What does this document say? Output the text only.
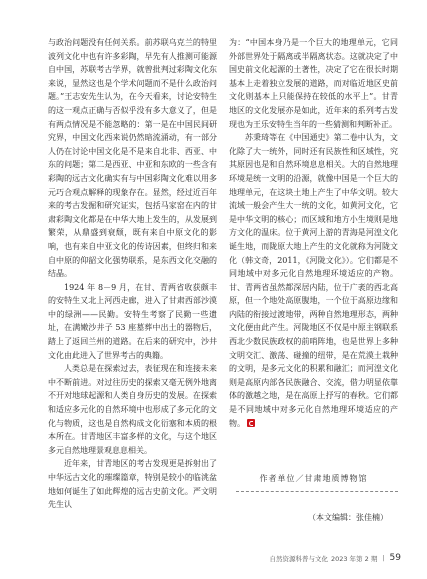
与政治问题没有任何关系。前苏联乌克兰的特里波列文化中也有许多彩陶，早先有人推测可能源自中国，苏联考古学界，就曾批判过彩陶文化东来说，显然这也是个学术问题而不是什么政治问题。”王志安先生认为，在今天看来，讨论安特生的这一观点正确与否似乎没有多大意义了，但是有两点情况是不能忽略的：第一是在中国民间研究界，中国文化西来说仍然暗流涌动，有一部分人仍在讨论中国文化是不是来自北非、西亚、中东的问题；第二是西亚、中亚和东欧的一些含有彩陶的远古文化确实有与中国彩陶文化难以用多元巧合观点解释的现象存在。显然，经过近百年来的考古发掘和研究证实，包括马家窑在内的甘肃彩陶文化都是在中华大地上发生的，从发展到繁荣，从鼎盛到衰颓，既有来自中原文化的影响，也有来自中亚文化的传诗因素，但终归和来自中原的仰韶文化强势联系，是东西文化交融的结晶。

1924 年 8－9 月，在甘、青两省收获颇丰的安特生又北上河西走廊，进入了甘肃西部沙漠中的绿洲——民勤。安特生考察了民勤一些遗址，在满嫩沙井子 53 座墓葬中出土的器物后，踏上了返回兰州的道路。在后来的研究中，沙井文化由此进入了世界考古的典籍。

人类总是在探索过去，表征现在和连接未来中不断前进。对过往历史的探索又毫无例外地离不开对地球起源和人类自身历史的发展。在探索和适应多元化的自然环境中也形成了多元化的文化与物质，这也是自然构成文化衍塞和本质的根本所在。甘青地区丰富多样的文化，与这个地区多元自然地理景观息息相关。

近年来，甘青地区的考古发现更是拆射出了中华远古文化的璀璨篇章，特别是较小的临洮盆地如何诞生了如此辉煌的远古史前文化。严文明先生认

为：“中国本身乃是一个巨大的地理单元，它同外部世界处于隔离或半隔离状态。这就决定了中国史前文化起源的土著性，决定了它在很长时期基本上走着独立发展的道路，而对临近地区史前文化则基本上只能保持在较低的水平上”。甘青地区的文化发展亦是如此，近年来的系列考古发现也为王乐安特生当年的一些猜测和判断补正。

苏秉琦等在《中国通史》第二卷中认为，文化除了大一统外，同时还有民族性和区域性，究其原因也是和自然环境息息相关。大的自然地理环境是统一文明的沿源，就像中国是一个巨大的地理单元，在这块土地上产生了中华文明。较大流域一般会产生大一统的文化，如黄河文化，它是中华文明的核心；而区域和地方小生境则是地方文化的温床。位于黄河上游的青海是河湟文化诞生地，而陇原大地上产生的文化就称为河陇文化（韩文奇，2011，《河陇文化》）。它们都是不同地域中对多元化自然地理环境适应的产物。甘、青两省虽然都深居内陆，位于广袤的西北高原，但一个地处高原腹地，一个位于高原边缘和内陆的衔接过渡地带，两种自然地理形态，两种文化便由此产生。河陇地区不仅是中原主钢联系西北少数民族政权的前哨阵地，也是世界上多种文明交汇、激荡、碰撞的纽带，是在荒漠土栽种的文明，是多元文化的积累和融汇；而河湟文化则是高原内部各民族融合、交流，借力明显依靠体的激越之地，是在高原上抒写的春秋。它们都是不同地域中对多元化自然地理环境适应的产物。

作者单位／甘肃地质博物馆
（本文编辑：张佳楠）
自然资源科普与文化 2023 年第 2 期 | 59
